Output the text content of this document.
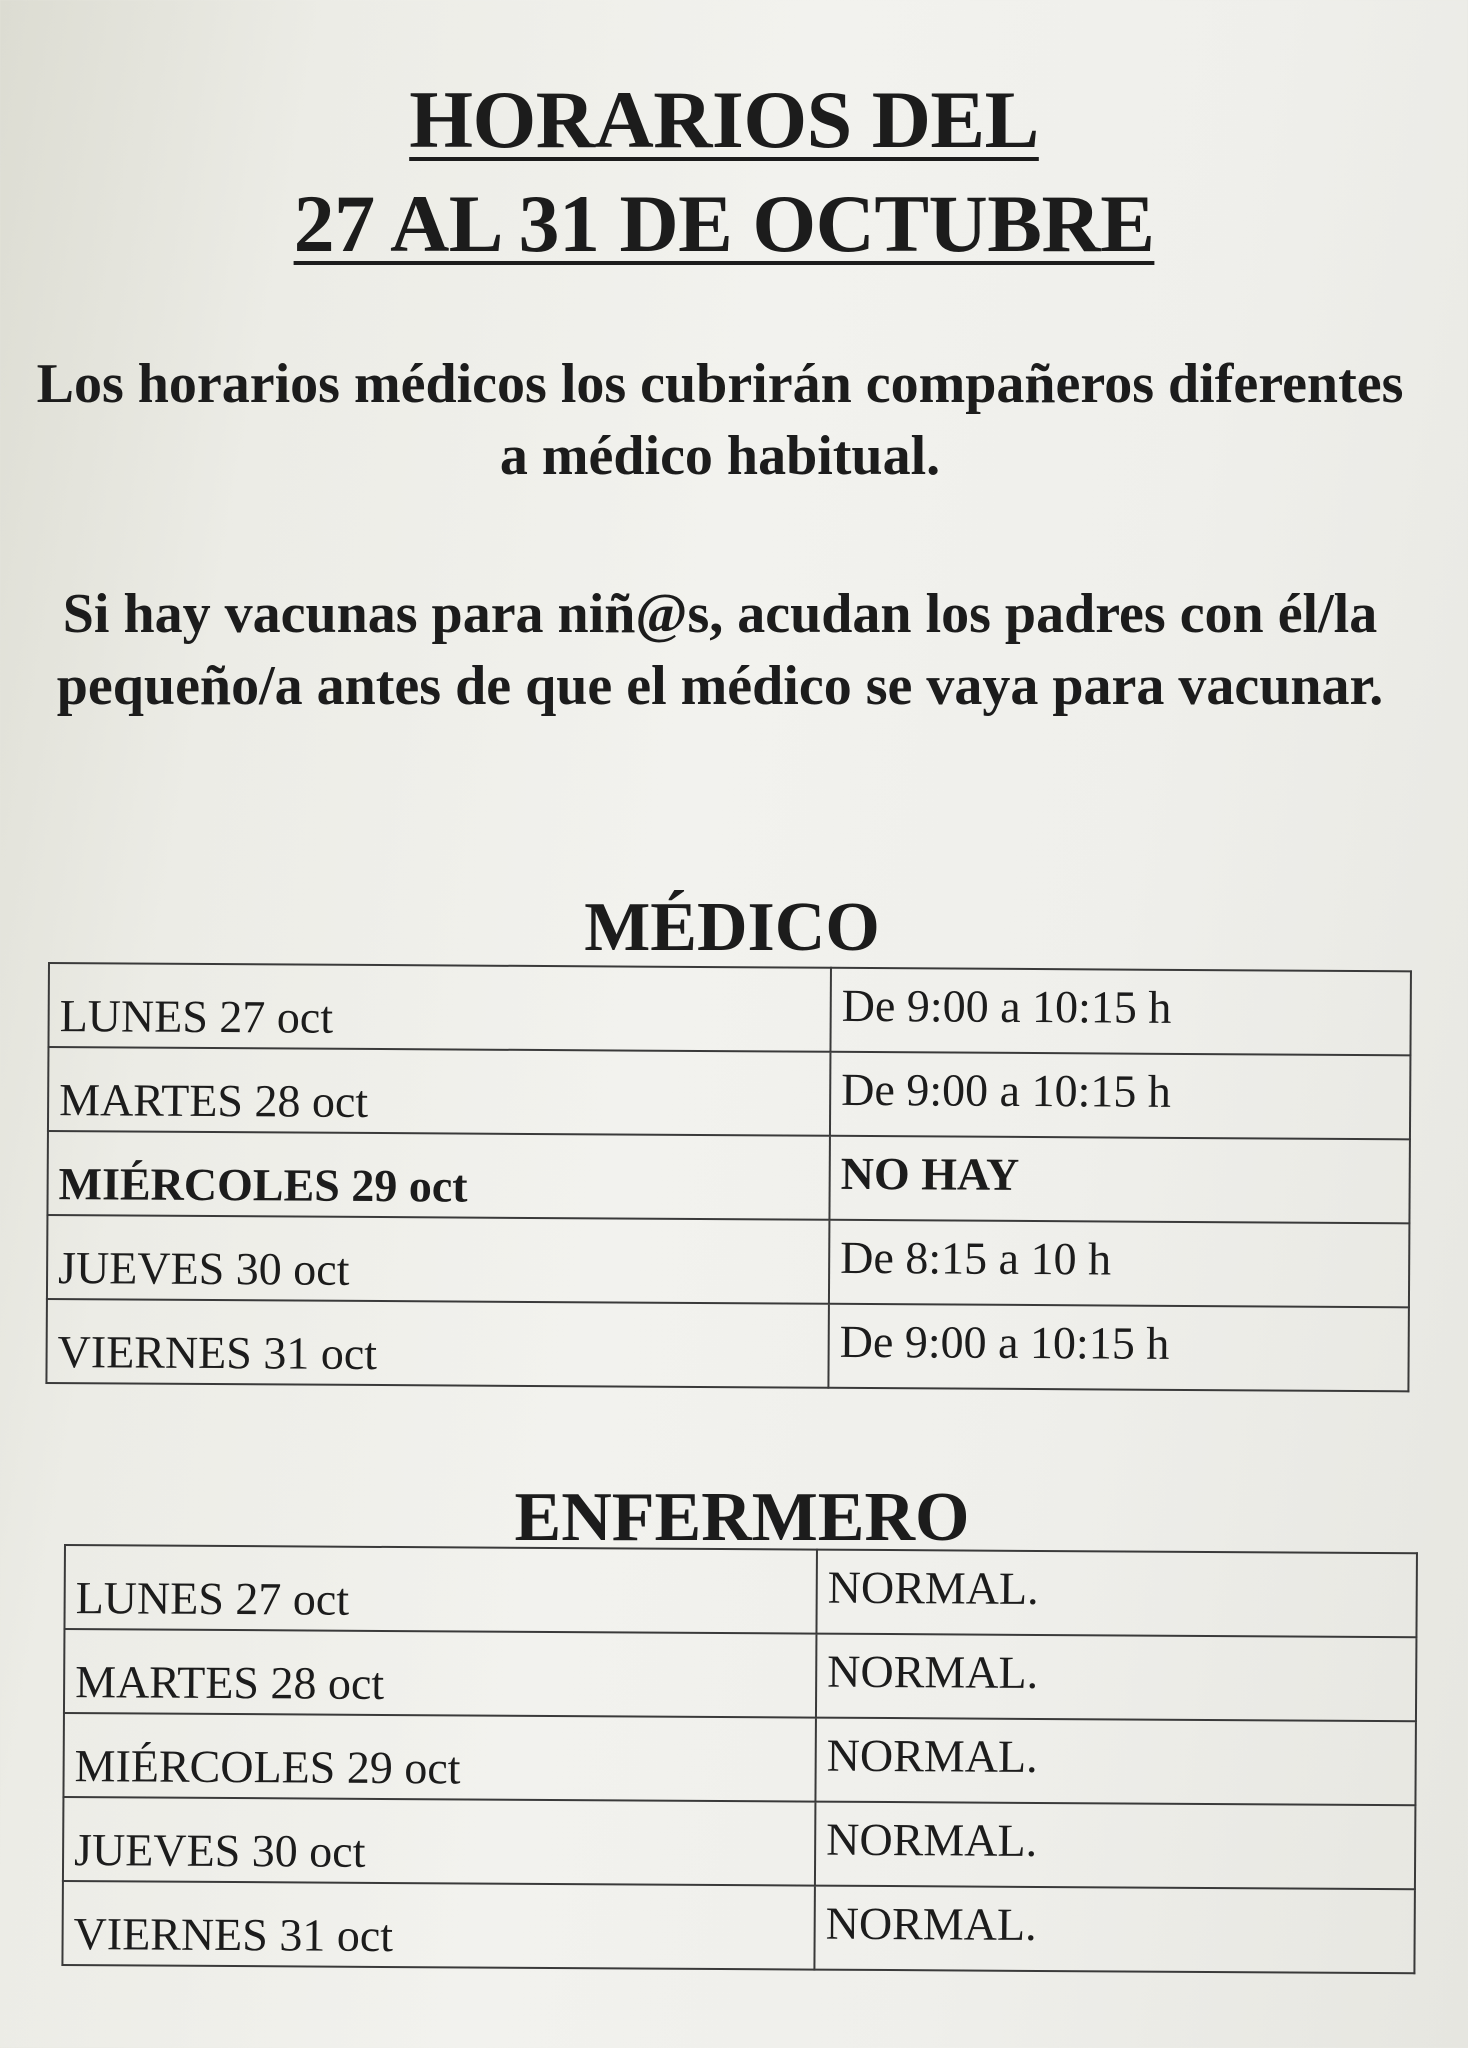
HORARIOS DEL
27 AL 31 DE OCTUBRE
Los horarios médicos los cubrirán compañeros diferentes a médico habitual.
Si hay vacunas para niñ@s, acudan los padres con él/la pequeño/a antes de que el médico se vaya para vacunar.
MÉDICO
LUNES 27 oct	De 9:00 a 10:15 h
MARTES 28 oct	De 9:00 a 10:15 h
MIÉRCOLES 29 oct	NO HAY
JUEVES 30 oct	De 8:15 a 10 h
VIERNES 31 oct	De 9:00 a 10:15 h
ENFERMERO
LUNES 27 oct	NORMAL.
MARTES 28 oct	NORMAL.
MIÉRCOLES 29 oct	NORMAL.
JUEVES 30 oct	NORMAL.
VIERNES 31 oct	NORMAL.
